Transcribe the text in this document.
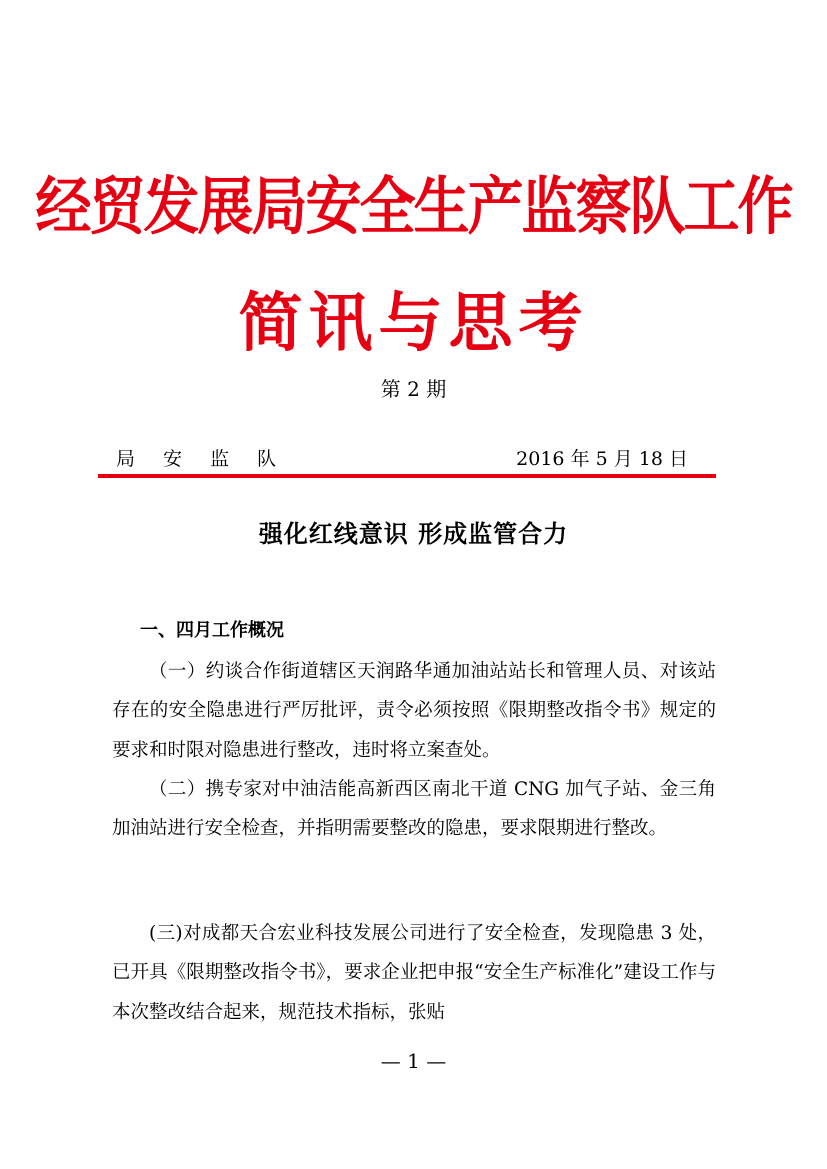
经贸发展局安全生产监察队工作
简讯与思考
第 2 期
局 安 监 队	2016 年 5 月 18 日
强化红线意识 形成监管合力
一、四月工作概况

（一）约谈合作街道辖区天润路华通加油站站长和管理人员、对该站存在的安全隐患进行严厉批评，责令必须按照《限期整改指令书》规定的要求和时限对隐患进行整改，违时将立案查处。

（二）携专家对中油洁能高新西区南北干道 CNG 加气子站、金三角加油站进行安全检查，并指明需要整改的隐患，要求限期进行整改。

(三)对成都天合宏业科技发展公司进行了安全检查，发现隐患 3 处，已开具《限期整改指令书》，要求企业把申报“安全生产标准化”建设工作与本次整改结合起来，规范技术指标，张贴

— 1 —
